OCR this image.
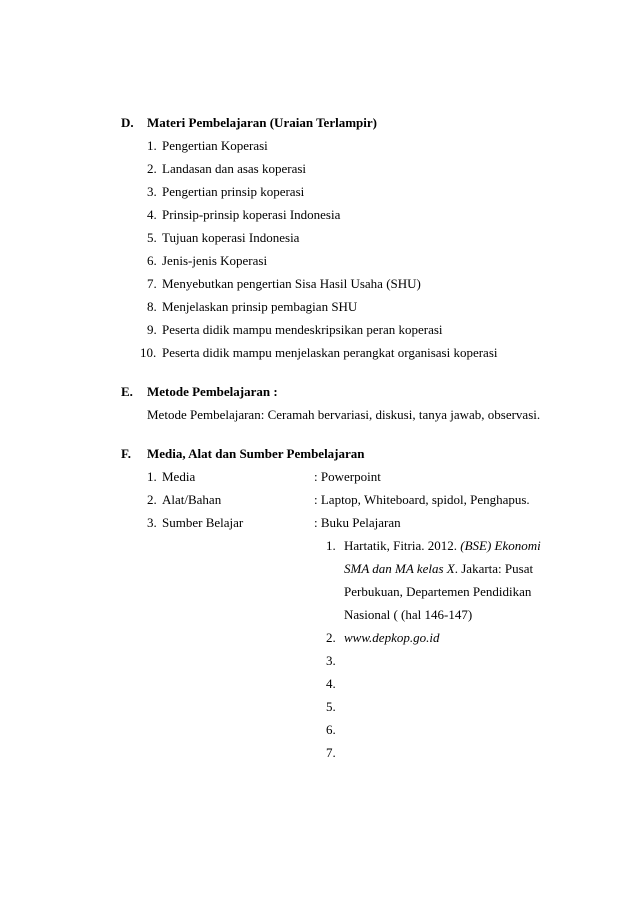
D. Materi Pembelajaran (Uraian Terlampir)
1. Pengertian Koperasi
2. Landasan dan asas koperasi
3. Pengertian prinsip koperasi
4. Prinsip-prinsip koperasi Indonesia
5. Tujuan koperasi Indonesia
6. Jenis-jenis Koperasi
7. Menyebutkan pengertian Sisa Hasil Usaha (SHU)
8. Menjelaskan prinsip pembagian SHU
9. Peserta didik mampu mendeskripsikan peran koperasi
10. Peserta didik mampu menjelaskan perangkat organisasi koperasi
E. Metode Pembelajaran :
Metode Pembelajaran: Ceramah bervariasi, diskusi, tanya jawab, observasi.
F. Media, Alat dan Sumber Pembelajaran
1. Media	: Powerpoint
2. Alat/Bahan	: Laptop, Whiteboard, spidol, Penghapus.
3. Sumber Belajar	: Buku Pelajaran
1. Hartatik, Fitria. 2012. (BSE) Ekonomi
SMA dan MA kelas X. Jakarta: Pusat
Perbukuan, Departemen Pendidikan
Nasional ( (hal 146-147)
2. www.depkop.go.id
3.
4.
5.
6.
7.
